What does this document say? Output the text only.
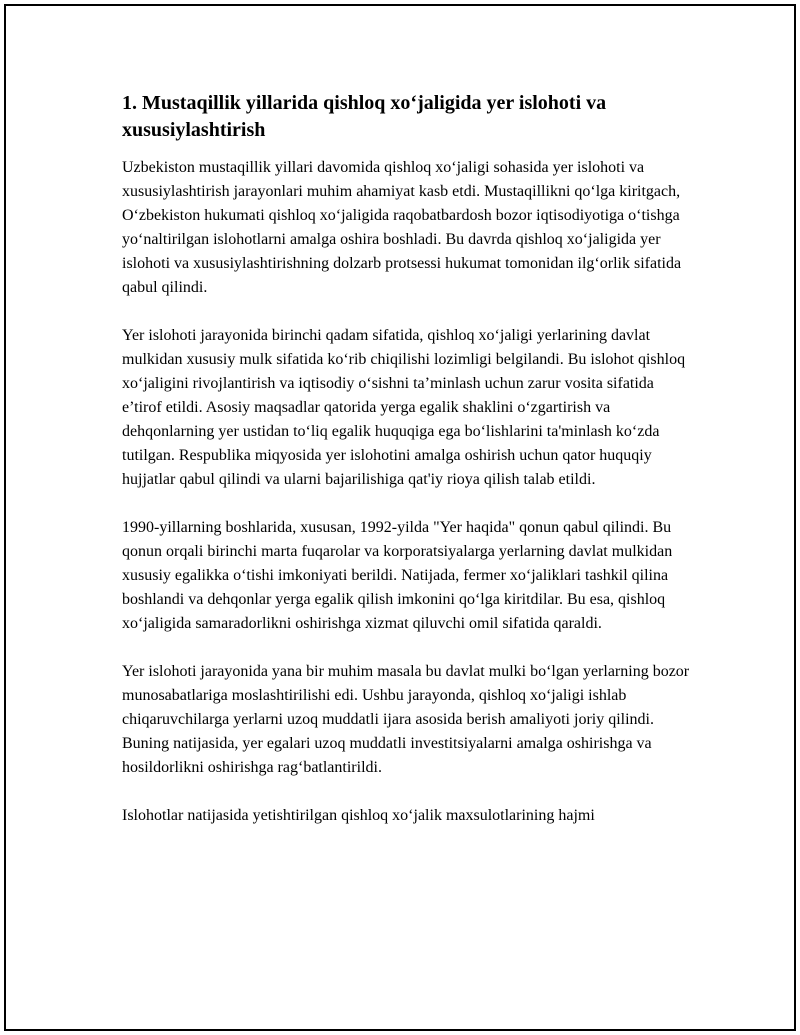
1. Mustaqillik yillarida qishloq xo‘jaligida yer islohoti va xususiylashtirish

Uzbekiston mustaqillik yillari davomida qishloq xo‘jaligi sohasida yer islohoti va xususiylashtirish jarayonlari muhim ahamiyat kasb etdi. Mustaqillikni qo‘lga kiritgach, O‘zbekiston hukumati qishloq xo‘jaligida raqobatbardosh bozor iqtisodiyotiga o‘tishga yo‘naltirilgan islohotlarni amalga oshira boshladi. Bu davrda qishloq xo‘jaligida yer islohoti va xususiylashtirishning dolzarb protsessi hukumat tomonidan ilg‘orlik sifatida qabul qilindi.

Yer islohoti jarayonida birinchi qadam sifatida, qishloq xo‘jaligi yerlarining davlat mulkidan xususiy mulk sifatida ko‘rib chiqilishi lozimligi belgilandi. Bu islohot qishloq xo‘jaligini rivojlantirish va iqtisodiy o‘sishni ta’minlash uchun zarur vosita sifatida e’tirof etildi. Asosiy maqsadlar qatorida yerga egalik shaklini o‘zgartirish va dehqonlarning yer ustidan to‘liq egalik huquqiga ega bo‘lishlarini ta'minlash ko‘zda tutilgan. Respublika miqyosida yer islohotini amalga oshirish uchun qator huquqiy hujjatlar qabul qilindi va ularni bajarilishiga qat'iy rioya qilish talab etildi.

1990-yillarning boshlarida, xususan, 1992-yilda "Yer haqida" qonun qabul qilindi. Bu qonun orqali birinchi marta fuqarolar va korporatsiyalarga yerlarning davlat mulkidan xususiy egalikka o‘tishi imkoniyati berildi. Natijada, fermer xo‘jaliklari tashkil qilina boshlandi va dehqonlar yerga egalik qilish imkonini qo‘lga kiritdilar. Bu esa, qishloq xo‘jaligida samaradorlikni oshirishga xizmat qiluvchi omil sifatida qaraldi.

Yer islohoti jarayonida yana bir muhim masala bu davlat mulki bo‘lgan yerlarning bozor munosabatlariga moslashtirilishi edi. Ushbu jarayonda, qishloq xo‘jaligi ishlab chiqaruvchilarga yerlarni uzoq muddatli ijara asosida berish amaliyoti joriy qilindi. Buning natijasida, yer egalari uzoq muddatli investitsiyalarni amalga oshirishga va hosildorlikni oshirishga rag‘batlantirildi.

Islohotlar natijasida yetishtirilgan qishloq xo‘jalik maxsulotlarining hajmi
